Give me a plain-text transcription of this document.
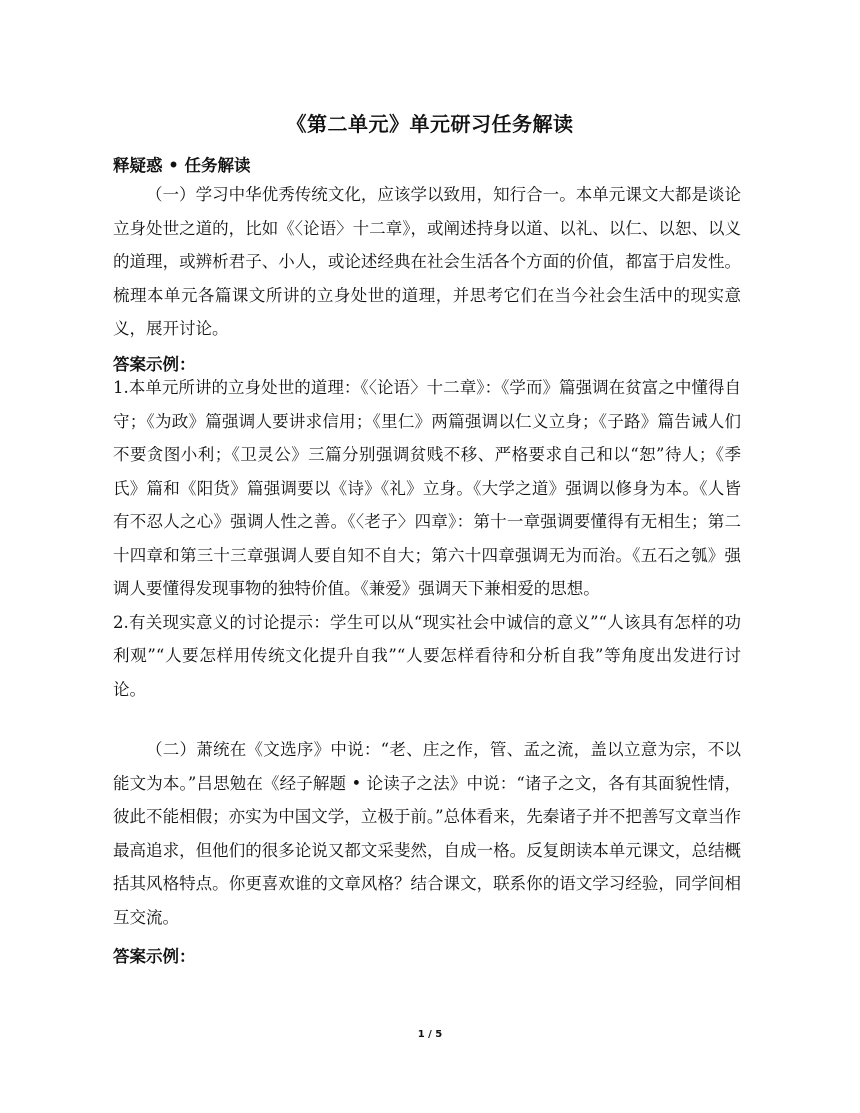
《第二单元》单元研习任务解读
释疑惑 • 任务解读

（一）学习中华优秀传统文化，应该学以致用，知行合一。本单元课文大都是谈论立身处世之道的，比如《〈论语〉十二章》，或阐述持身以道、以礼、以仁、以恕、以义的道理，或辨析君子、小人，或论述经典在社会生活各个方面的价值，都富于启发性。梳理本单元各篇课文所讲的立身处世的道理，并思考它们在当今社会生活中的现实意义，展开讨论。

答案示例：

1.本单元所讲的立身处世的道理：《〈论语〉十二章》：《学而》篇强调在贫富之中懂得自守；《为政》篇强调人要讲求信用；《里仁》两篇强调以仁义立身；《子路》篇告诫人们不要贪图小利；《卫灵公》三篇分别强调贫贱不移、严格要求自己和以“恕”待人；《季氏》篇和《阳货》篇强调要以《诗》《礼》立身。《大学之道》强调以修身为本。《人皆有不忍人之心》强调人性之善。《〈老子〉四章》：第十一章强调要懂得有无相生；第二十四章和第三十三章强调人要自知不自大；第六十四章强调无为而治。《五石之瓠》强调人要懂得发现事物的独特价值。《兼爱》强调天下兼相爱的思想。

2.有关现实意义的讨论提示：学生可以从“现实社会中诚信的意义”“人该具有怎样的功利观”“人要怎样用传统文化提升自我”“人要怎样看待和分析自我”等角度出发进行讨论。

（二）萧统在《文选序》中说：“老、庄之作，管、孟之流，盖以立意为宗，不以能文为本。”吕思勉在《经子解题 • 论读子之法》中说：“诸子之文，各有其面貌性情，彼此不能相假；亦实为中国文学，立极于前。”总体看来，先秦诸子并不把善写文章当作最高追求，但他们的很多论说又都文采斐然，自成一格。反复朗读本单元课文，总结概括其风格特点。你更喜欢谁的文章风格？结合课文，联系你的语文学习经验，同学间相互交流。

答案示例：
1 / 5
